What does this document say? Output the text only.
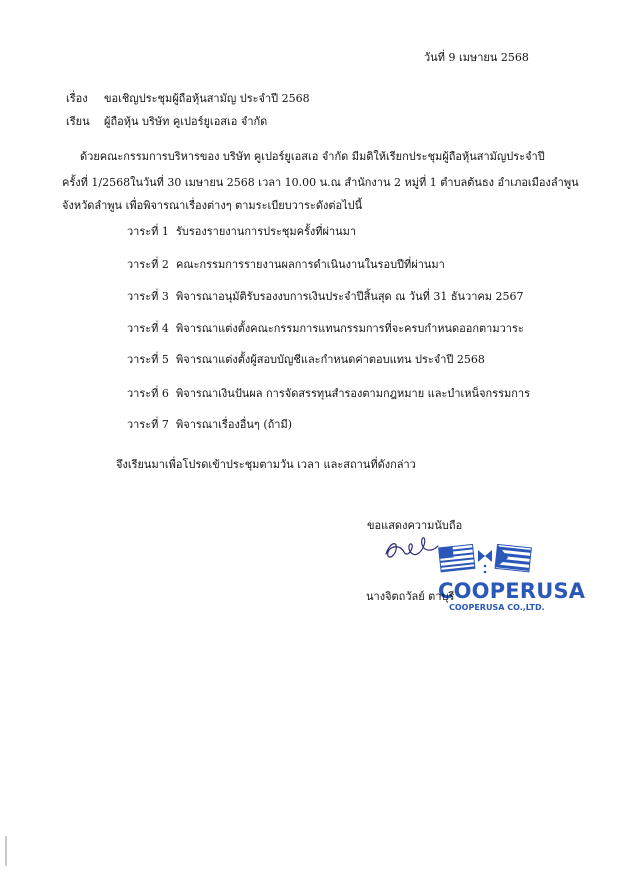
วันที่ 9 เมษายน 2568
เรื่อง ขอเชิญประชุมผู้ถือหุ้นสามัญ ประจำปี 2568
เรียน ผู้ถือหุ้น บริษัท คูเปอร์ยูเอสเอ จำกัด
ด้วยคณะกรรมการบริหารของ บริษัท คูเปอร์ยูเอสเอ จำกัด มีมติให้เรียกประชุมผู้ถือหุ้นสามัญประจำปี
ครั้งที่ 1/2568ในวันที่ 30 เมษายน 2568 เวลา 10.00 น.ณ สำนักงาน 2 หมู่ที่ 1 ตำบลต้นธง อำเภอเมืองลำพูน
จังหวัดลำพูน เพื่อพิจารณาเรื่องต่างๆ ตามระเบียบวาระดังต่อไปนี้
วาระที่ 1 รับรองรายงานการประชุมครั้งที่ผ่านมา
วาระที่ 2 คณะกรรมการรายงานผลการดำเนินงานในรอบปีที่ผ่านมา
วาระที่ 3 พิจารณาอนุมัติรับรองงบการเงินประจำปีสิ้นสุด ณ วันที่ 31 ธันวาคม 2567
วาระที่ 4 พิจารณาแต่งตั้งคณะกรรมการแทนกรรมการที่จะครบกำหนดออกตามวาระ
วาระที่ 5 พิจารณาแต่งตั้งผู้สอบบัญชีและกำหนดค่าตอบแทน ประจำปี 2568
วาระที่ 6 พิจารณาเงินปันผล การจัดสรรทุนสำรองตามกฎหมาย และบำเหน็จกรรมการ
วาระที่ 7 พิจารณาเรื่องอื่นๆ (ถ้ามี)
จึงเรียนมาเพื่อโปรดเข้าประชุมตามวัน เวลา และสถานที่ดังกล่าว
ขอแสดงความนับถือ
COOPERUSA
COOPERUSA CO.,LTD.
นางจิตถวัลย์ ตาบุรี
